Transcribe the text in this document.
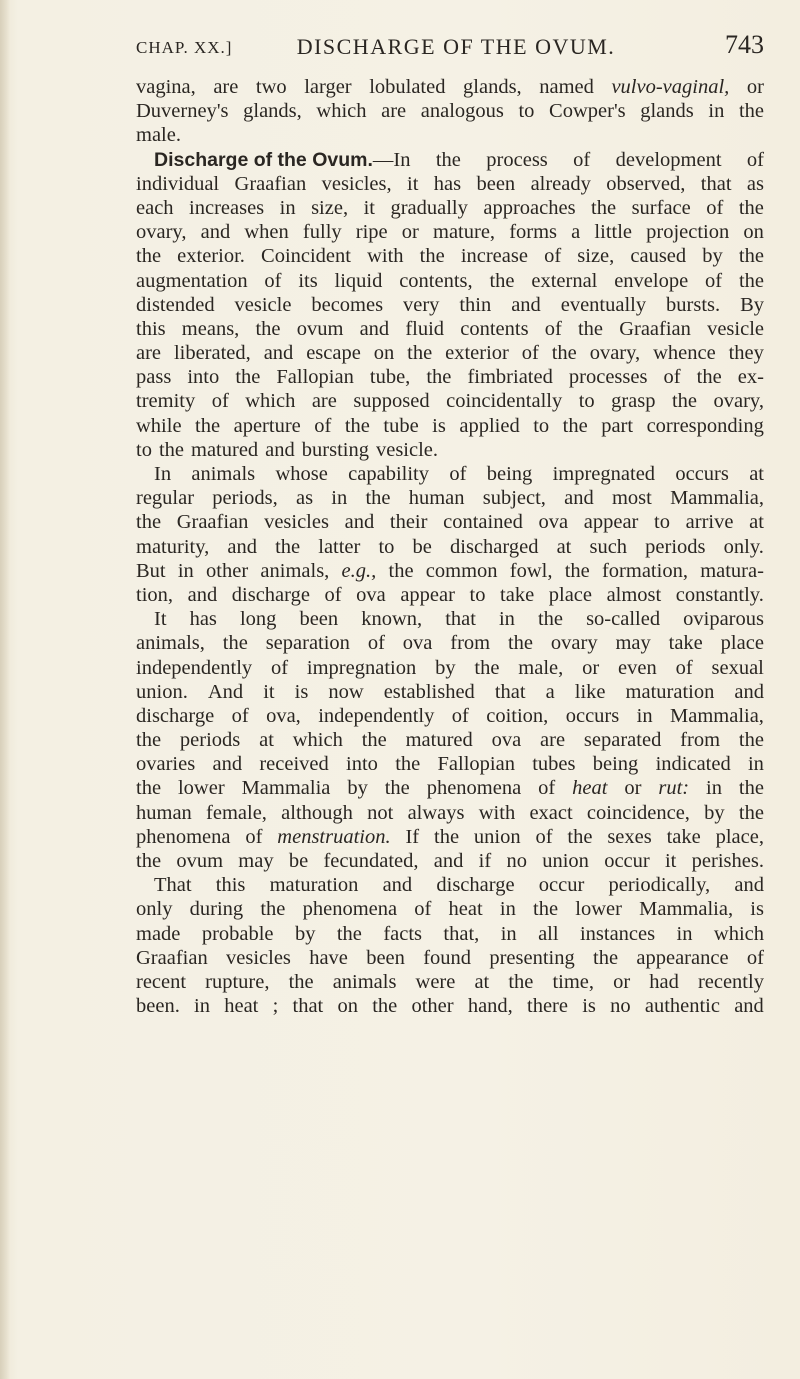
CHAP. XX.]	DISCHARGE OF THE OVUM.	743
vagina, are two larger lobulated glands, named vulvo-vaginal, or
Duverney's glands, which are analogous to Cowper's glands in the
male.
Discharge of the Ovum.—In the process of development of
individual Graafian vesicles, it has been already observed, that as
each increases in size, it gradually approaches the surface of the
ovary, and when fully ripe or mature, forms a little projection on
the exterior. Coincident with the increase of size, caused by the
augmentation of its liquid contents, the external envelope of the
distended vesicle becomes very thin and eventually bursts. By
this means, the ovum and fluid contents of the Graafian vesicle
are liberated, and escape on the exterior of the ovary, whence they
pass into the Fallopian tube, the fimbriated processes of the ex-
tremity of which are supposed coincidentally to grasp the ovary,
while the aperture of the tube is applied to the part corresponding
to the matured and bursting vesicle.
In animals whose capability of being impregnated occurs at
regular periods, as in the human subject, and most Mammalia,
the Graafian vesicles and their contained ova appear to arrive at
maturity, and the latter to be discharged at such periods only.
But in other animals, e.g., the common fowl, the formation, matura-
tion, and discharge of ova appear to take place almost constantly.
It has long been known, that in the so-called oviparous
animals, the separation of ova from the ovary may take place
independently of impregnation by the male, or even of sexual
union. And it is now established that a like maturation and
discharge of ova, independently of coition, occurs in Mammalia,
the periods at which the matured ova are separated from the
ovaries and received into the Fallopian tubes being indicated in
the lower Mammalia by the phenomena of heat or rut: in the
human female, although not always with exact coincidence, by the
phenomena of menstruation. If the union of the sexes take place,
the ovum may be fecundated, and if no union occur it perishes.
That this maturation and discharge occur periodically, and
only during the phenomena of heat in the lower Mammalia, is
made probable by the facts that, in all instances in which
Graafian vesicles have been found presenting the appearance of
recent rupture, the animals were at the time, or had recently
been. in heat ; that on the other hand, there is no authentic and
